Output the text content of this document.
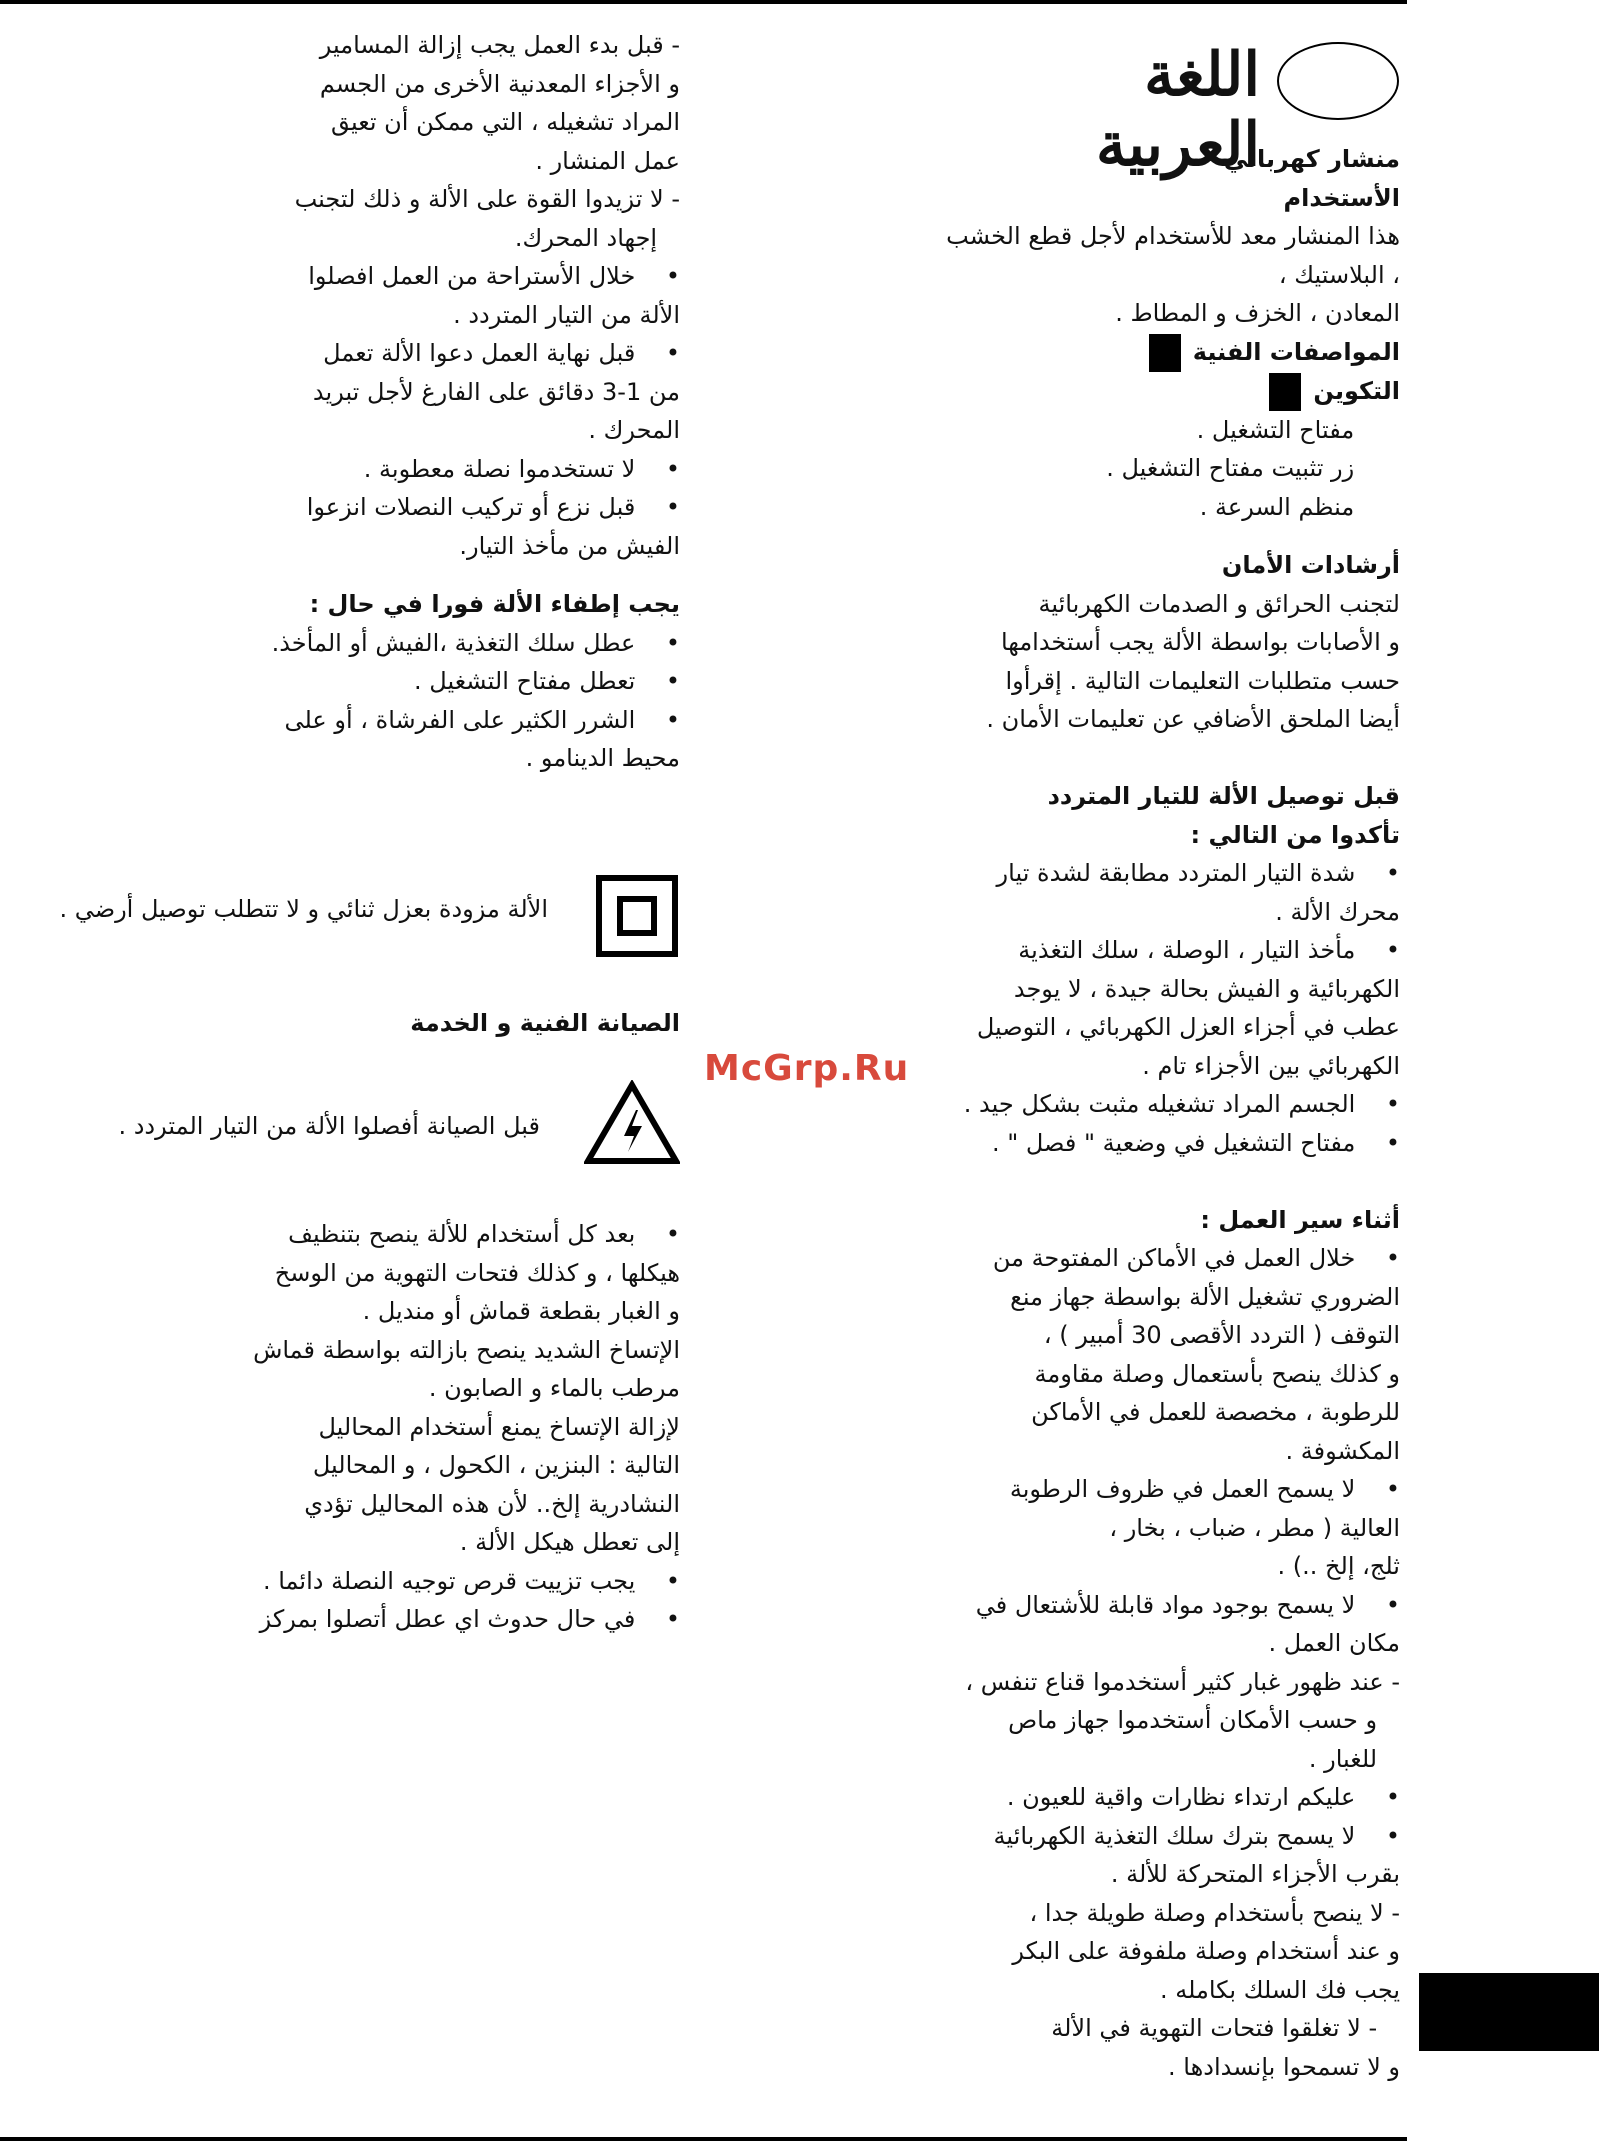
اللغة العربية
منشار كهربائي
الأستخدام
هذا المنشار معد للأستخدام لأجل قطع الخشب ، البلاستيك ،
المعادن ، الخزف و المطاط .
المواصفات الفنية
التكوين
مفتاح التشغيل .
زر تثبيت مفتاح التشغيل .
منظم السرعة .
أرشادات الأمان
لتجنب الحرائق و الصدمات الكهربائية
و الأصابات بواسطة الألة يجب أستخدامها
حسب متطلبات التعليمات التالية . إقرأوا
أيضا الملحق الأضافي عن تعليمات الأمان .
قبل توصيل الألة للتيار المتردد
تأكدوا من التالي :
•    شدة التيار المتردد مطابقة لشدة تيار
محرك الألة .
•    مأخذ التيار ، الوصلة ، سلك التغذية
الكهربائية و الفيش بحالة جيدة ، لا يوجد
عطب في أجزاء العزل الكهربائي ، التوصيل
الكهربائي بين الأجزاء تام .
•    الجسم المراد تشغيله مثبت بشكل جيد .
•    مفتاح التشغيل في وضعية " فصل " .
أثناء سير العمل :
•    خلال العمل في الأماكن المفتوحة من
الضروري تشغيل الألة بواسطة جهاز منع
التوقف ( التردد الأقصى 30 أمبير ) ،
و كذلك ينصح بأستعمال وصلة مقاومة
للرطوبة ، مخصصة للعمل في الأماكن
المكشوفة .
•    لا يسمح العمل في ظروف الرطوبة
العالية ( مطر ، ضباب ، بخار ،
ثلج، إلخ ..) .
•    لا يسمح بوجود مواد قابلة للأشتعال في
مكان العمل .
- عند ظهور غبار كثير أستخدموا قناع تنفس ،
و حسب الأمكان أستخدموا جهاز ماص
للغبار .
•    عليكم ارتداء نظارات واقية للعيون .
•    لا يسمح بترك سلك التغذية الكهربائية
بقرب الأجزاء المتحركة للألة .
- لا ينصح بأستخدام وصلة طويلة جدا ،
و عند أستخدام وصلة ملفوفة على البكر
يجب فك السلك بكامله .
- لا تغلقوا فتحات التهوية في الألة
و لا تسمحوا بإنسدادها .
- قبل بدء العمل يجب إزالة المسامير
و الأجزاء المعدنية الأخرى من الجسم
المراد تشغيله ، التي ممكن أن تعيق
عمل المنشار .
- لا تزيدوا القوة على الألة و ذلك لتجنب
إجهاد المحرك.
•    خلال الأستراحة من العمل افصلوا
الألة من التيار المتردد .
•    قبل نهاية العمل دعوا الألة تعمل
من 1-3 دقائق على الفارغ لأجل تبريد
المحرك .
•    لا تستخدموا نصلة معطوبة .
•    قبل نزع أو تركيب النصلات انزعوا
الفيش من مأخذ التيار.
يجب إطفاء الألة فورا في حال :
•    عطل سلك التغذية ،الفيش أو المأخذ.
•    تعطل مفتاح التشغيل .
•    الشرر الكثير على الفرشاة ، أو على
محيط الدينامو .
الألة مزودة بعزل ثنائي و لا تتطلب توصيل أرضي .
الصيانة الفنية و الخدمة
قبل الصيانة أفصلوا الألة من التيار المتردد .
•    بعد كل أستخدام للألة ينصح بتنظيف
هيكلها ، و كذلك فتحات التهوية من الوسخ
و الغبار بقطعة قماش أو منديل .
الإتساخ الشديد ينصح بازالته بواسطة قماش
مرطب بالماء و الصابون .
لإزالة الإتساخ يمنع أستخدام المحاليل
التالية : البنزين ، الكحول ، و المحاليل
النشادرية إلخ.. لأن هذه المحاليل تؤدي
إلى تعطل هيكل الألة .
•    يجب تزييت قرص توجيه النصلة دائما .
•    في حال حدوث اي عطل أتصلوا بمركز
McGrp.Ru
